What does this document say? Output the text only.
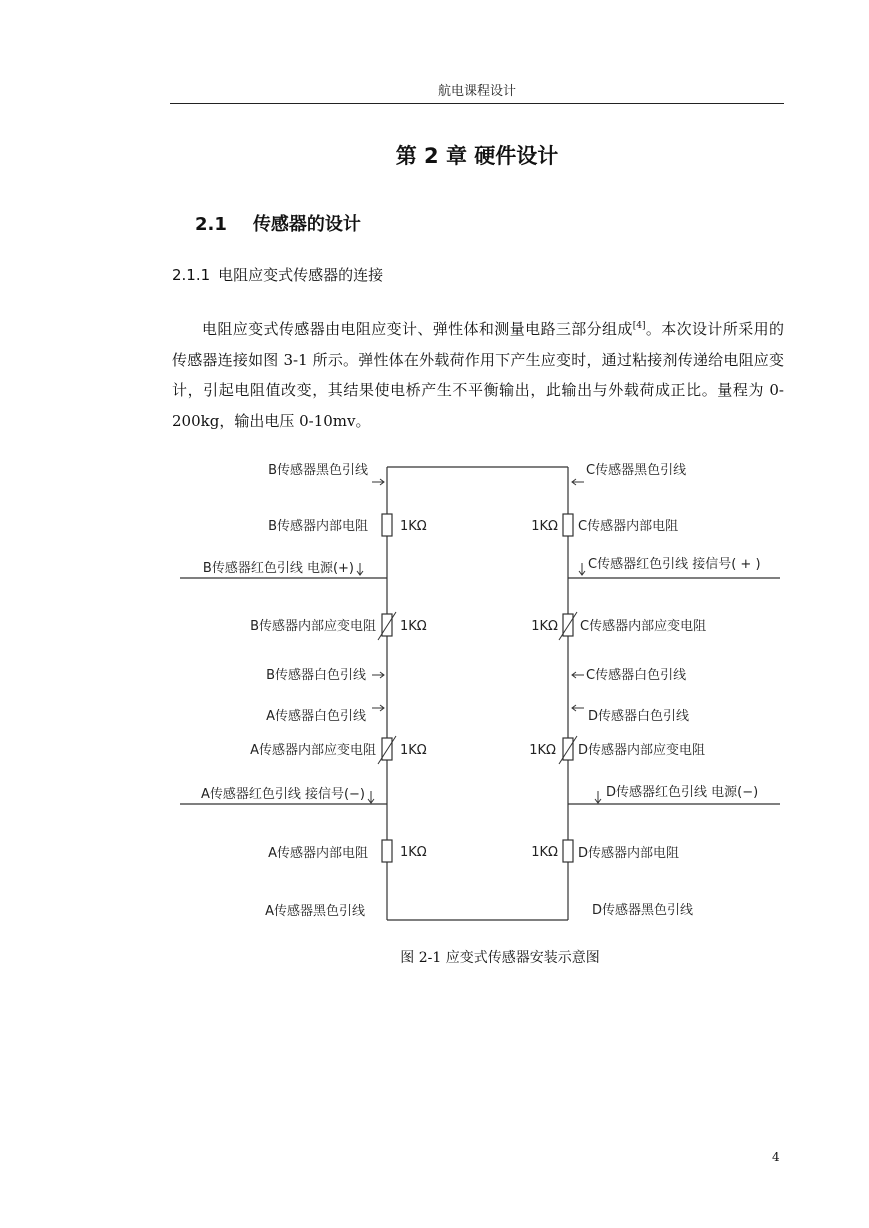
航电课程设计
第 2 章 硬件设计
2.1 传感器的设计
2.1.1 电阻应变式传感器的连接

电阻应变式传感器由电阻应变计、弹性体和测量电路三部分组成[4]。本次设计所采用的传感器连接如图 3-1 所示。弹性体在外载荷作用下产生应变时，通过粘接剂传递给电阻应变计，引起电阻值改变，其结果使电桥产生不平衡输出，此输出与外载荷成正比。量程为 0-200kg，输出电压 0-10mv。

B传感器黑色引线
B传感器内部电阻
B传感器红色引线 电源(+)
B传感器内部应变电阻
B传感器白色引线
A传感器白色引线
A传感器内部应变电阻
A传感器红色引线 接信号(−)
A传感器内部电阻
A传感器黑色引线
1KΩ
1KΩ
1KΩ
1KΩ
1KΩ
1KΩ
1KΩ
1KΩ
C传感器黑色引线
C传感器内部电阻
C传感器红色引线 接信号( + )
C传感器内部应变电阻
C传感器白色引线
D传感器白色引线
D传感器内部应变电阻
D传感器红色引线 电源(−)
D传感器内部电阻
D传感器黑色引线
图 2-1 应变式传感器安装示意图
4
